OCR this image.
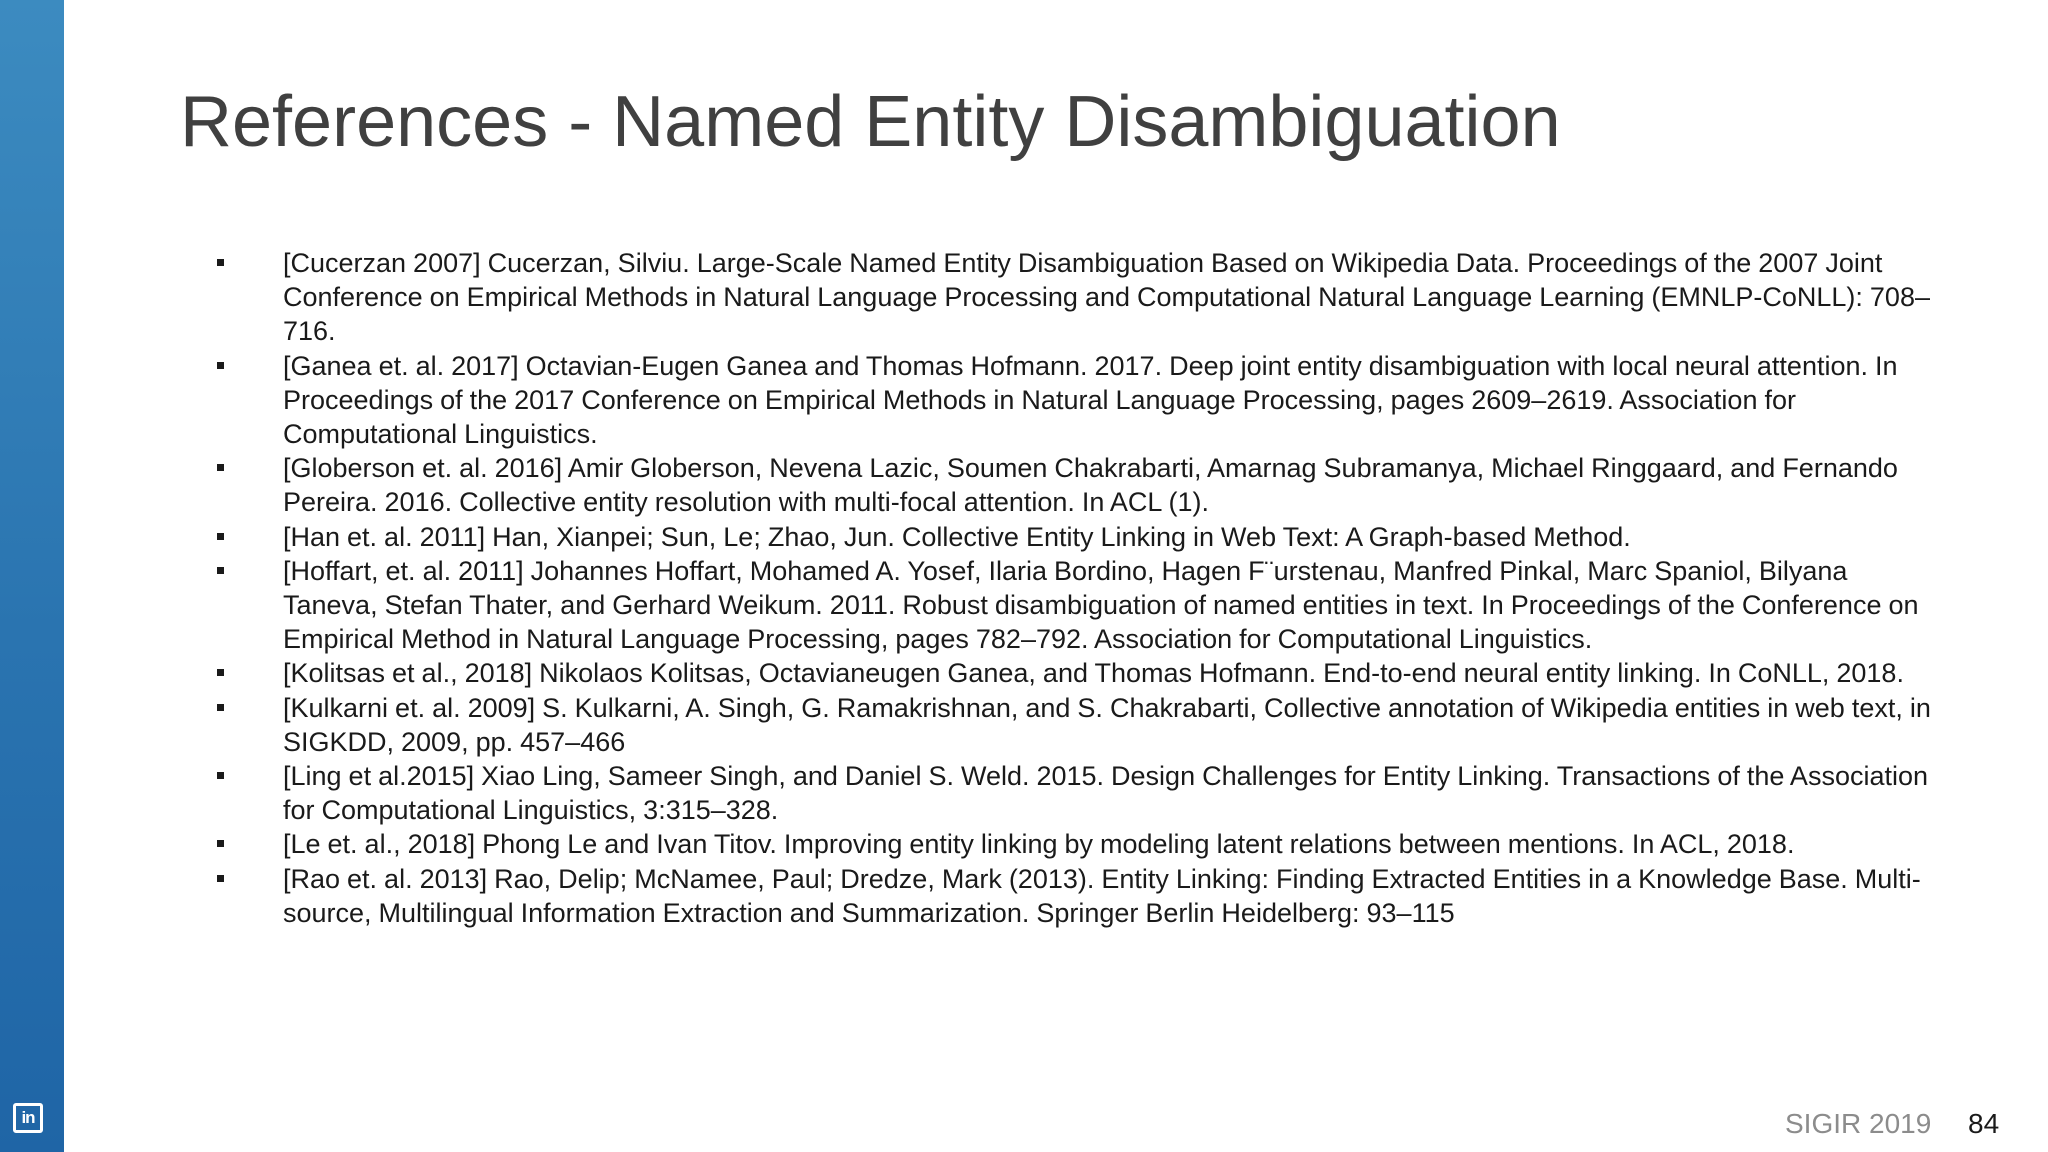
in
References - Named Entity Disambiguation
[Cucerzan 2007] Cucerzan, Silviu. Large-Scale Named Entity Disambiguation Based on Wikipedia Data. Proceedings of the 2007 Joint Conference on Empirical Methods in Natural Language Processing and Computational Natural Language Learning (EMNLP-CoNLL): 708–716.
[Ganea et. al. 2017] Octavian-Eugen Ganea and Thomas Hofmann. 2017. Deep joint entity disambiguation with local neural attention. In Proceedings of the 2017 Conference on Empirical Methods in Natural Language Processing, pages 2609–2619. Association for Computational Linguistics.
[Globerson et. al. 2016] Amir Globerson, Nevena Lazic, Soumen Chakrabarti, Amarnag Subramanya, Michael Ringgaard, and Fernando Pereira. 2016. Collective entity resolution with multi-focal attention. In ACL (1).
[Han et. al. 2011] Han, Xianpei; Sun, Le; Zhao, Jun. Collective Entity Linking in Web Text: A Graph-based Method.
[Hoffart, et. al. 2011] Johannes Hoffart, Mohamed A. Yosef, Ilaria Bordino, Hagen F¨urstenau, Manfred Pinkal, Marc Spaniol, Bilyana Taneva, Stefan Thater, and Gerhard Weikum. 2011. Robust disambiguation of named entities in text. In Proceedings of the Conference on Empirical Method in Natural Language Processing, pages 782–792. Association for Computational Linguistics.
[Kolitsas et al., 2018] Nikolaos Kolitsas, Octavianeugen Ganea, and Thomas Hofmann. End-to-end neural entity linking. In CoNLL, 2018.
[Kulkarni et. al. 2009] S. Kulkarni, A. Singh, G. Ramakrishnan, and S. Chakrabarti, Collective annotation of Wikipedia entities in web text, in SIGKDD, 2009, pp. 457–466
[Ling et al.2015] Xiao Ling, Sameer Singh, and Daniel S. Weld. 2015. Design Challenges for Entity Linking. Transactions of the Association for Computational Linguistics, 3:315–328.
[Le et. al., 2018] Phong Le and Ivan Titov. Improving entity linking by modeling latent relations between mentions. In ACL, 2018.
[Rao et. al. 2013] Rao, Delip; McNamee, Paul; Dredze, Mark (2013). Entity Linking: Finding Extracted Entities in a Knowledge Base. Multi-source, Multilingual Information Extraction and Summarization. Springer Berlin Heidelberg: 93–115
SIGIR 2019 84
